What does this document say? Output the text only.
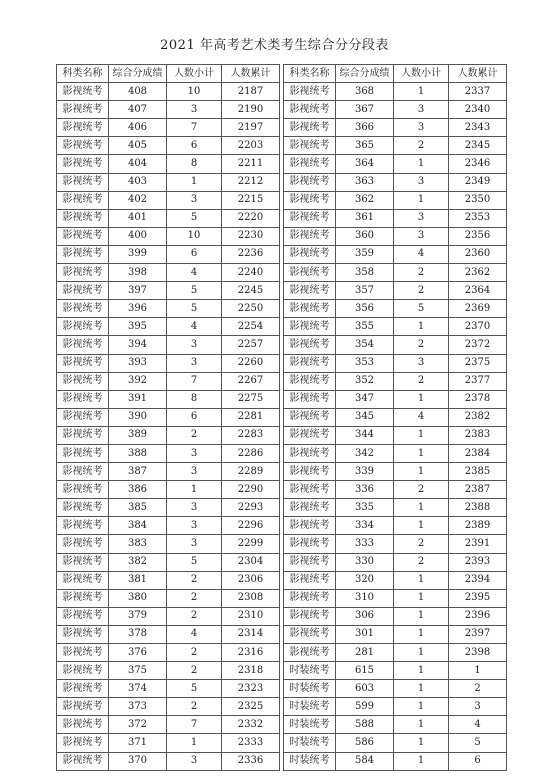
2021 年高考艺术类考生综合分分段表
科类名称	综合分成绩	人数小计	人数累计
影视统考	408	10	2187
影视统考	407	3	2190
影视统考	406	7	2197
影视统考	405	6	2203
影视统考	404	8	2211
影视统考	403	1	2212
影视统考	402	3	2215
影视统考	401	5	2220
影视统考	400	10	2230
影视统考	399	6	2236
影视统考	398	4	2240
影视统考	397	5	2245
影视统考	396	5	2250
影视统考	395	4	2254
影视统考	394	3	2257
影视统考	393	3	2260
影视统考	392	7	2267
影视统考	391	8	2275
影视统考	390	6	2281
影视统考	389	2	2283
影视统考	388	3	2286
影视统考	387	3	2289
影视统考	386	1	2290
影视统考	385	3	2293
影视统考	384	3	2296
影视统考	383	3	2299
影视统考	382	5	2304
影视统考	381	2	2306
影视统考	380	2	2308
影视统考	379	2	2310
影视统考	378	4	2314
影视统考	376	2	2316
影视统考	375	2	2318
影视统考	374	5	2323
影视统考	373	2	2325
影视统考	372	7	2332
影视统考	371	1	2333
影视统考	370	3	2336
科类名称	综合分成绩	人数小计	人数累计
影视统考	368	1	2337
影视统考	367	3	2340
影视统考	366	3	2343
影视统考	365	2	2345
影视统考	364	1	2346
影视统考	363	3	2349
影视统考	362	1	2350
影视统考	361	3	2353
影视统考	360	3	2356
影视统考	359	4	2360
影视统考	358	2	2362
影视统考	357	2	2364
影视统考	356	5	2369
影视统考	355	1	2370
影视统考	354	2	2372
影视统考	353	3	2375
影视统考	352	2	2377
影视统考	347	1	2378
影视统考	345	4	2382
影视统考	344	1	2383
影视统考	342	1	2384
影视统考	339	1	2385
影视统考	336	2	2387
影视统考	335	1	2388
影视统考	334	1	2389
影视统考	333	2	2391
影视统考	330	2	2393
影视统考	320	1	2394
影视统考	310	1	2395
影视统考	306	1	2396
影视统考	301	1	2397
影视统考	281	1	2398
时装统考	615	1	1
时装统考	603	1	2
时装统考	599	1	3
时装统考	588	1	4
时装统考	586	1	5
时装统考	584	1	6
